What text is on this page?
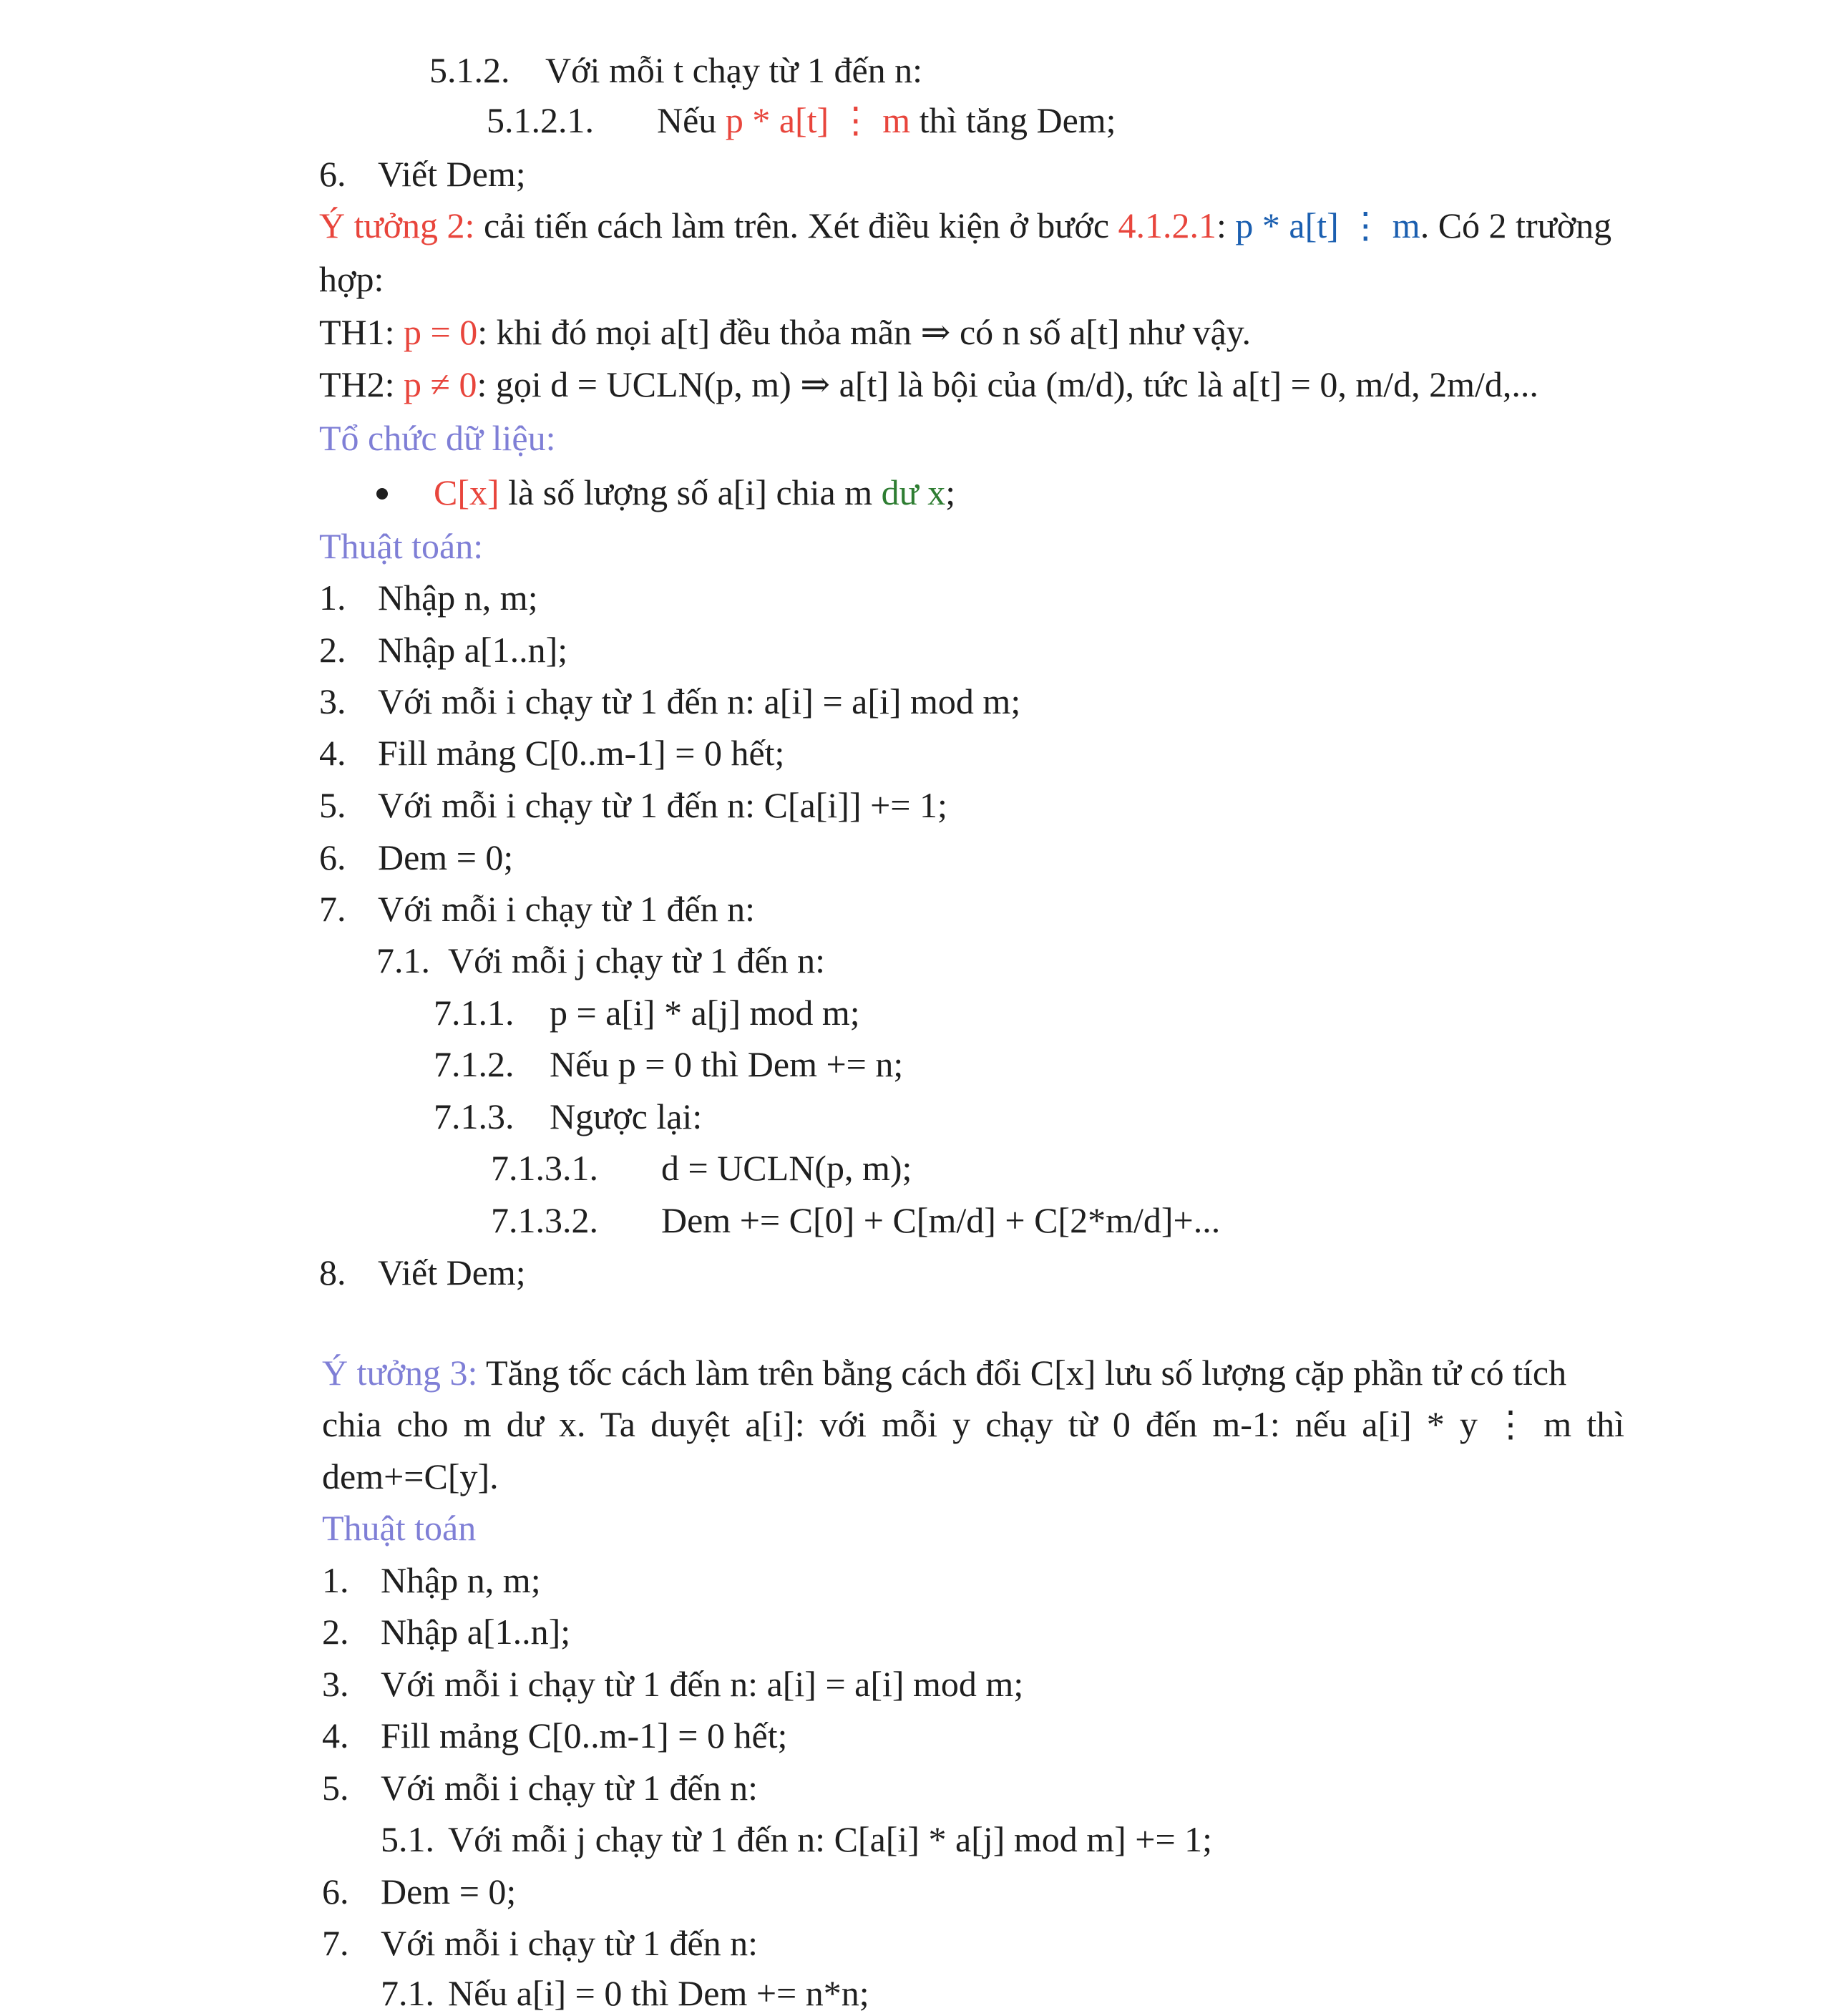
5.1.2. Với mỗi t chạy từ 1 đến n:
5.1.2.1. Nếu p * a[t] ⋮ m thì tăng Dem;
6. Viết Dem;
Ý tưởng 2: cải tiến cách làm trên. Xét điều kiện ở bước 4.1.2.1: p * a[t] ⋮ m. Có 2 trường
hợp:
TH1: p = 0: khi đó mọi a[t] đều thỏa mãn ⇒ có n số a[t] như vậy.
TH2: p ≠ 0: gọi d = UCLN(p, m) ⇒ a[t] là bội của (m/d), tức là a[t] = 0, m/d, 2m/d,...
Tổ chức dữ liệu:
C[x] là số lượng số a[i] chia m dư x;
Thuật toán:
1. Nhập n, m;
2. Nhập a[1..n];
3. Với mỗi i chạy từ 1 đến n: a[i] = a[i] mod m;
4. Fill mảng C[0..m-1] = 0 hết;
5. Với mỗi i chạy từ 1 đến n: C[a[i]] += 1;
6. Dem = 0;
7. Với mỗi i chạy từ 1 đến n:
7.1. Với mỗi j chạy từ 1 đến n:
7.1.1. p = a[i] * a[j] mod m;
7.1.2. Nếu p = 0 thì Dem += n;
7.1.3. Ngược lại:
7.1.3.1. d = UCLN(p, m);
7.1.3.2. Dem += C[0] + C[m/d] + C[2*m/d]+...
8. Viết Dem;
Ý tưởng 3: Tăng tốc cách làm trên bằng cách đổi C[x] lưu số lượng cặp phần tử có tích
chia cho m dư x. Ta duyệt a[i]: với mỗi y chạy từ 0 đến m-1: nếu a[i] * y ⋮ m thì
dem+=C[y].
Thuật toán
1. Nhập n, m;
2. Nhập a[1..n];
3. Với mỗi i chạy từ 1 đến n: a[i] = a[i] mod m;
4. Fill mảng C[0..m-1] = 0 hết;
5. Với mỗi i chạy từ 1 đến n:
5.1. Với mỗi j chạy từ 1 đến n: C[a[i] * a[j] mod m] += 1;
6. Dem = 0;
7. Với mỗi i chạy từ 1 đến n:
7.1. Nếu a[i] = 0 thì Dem += n*n;
